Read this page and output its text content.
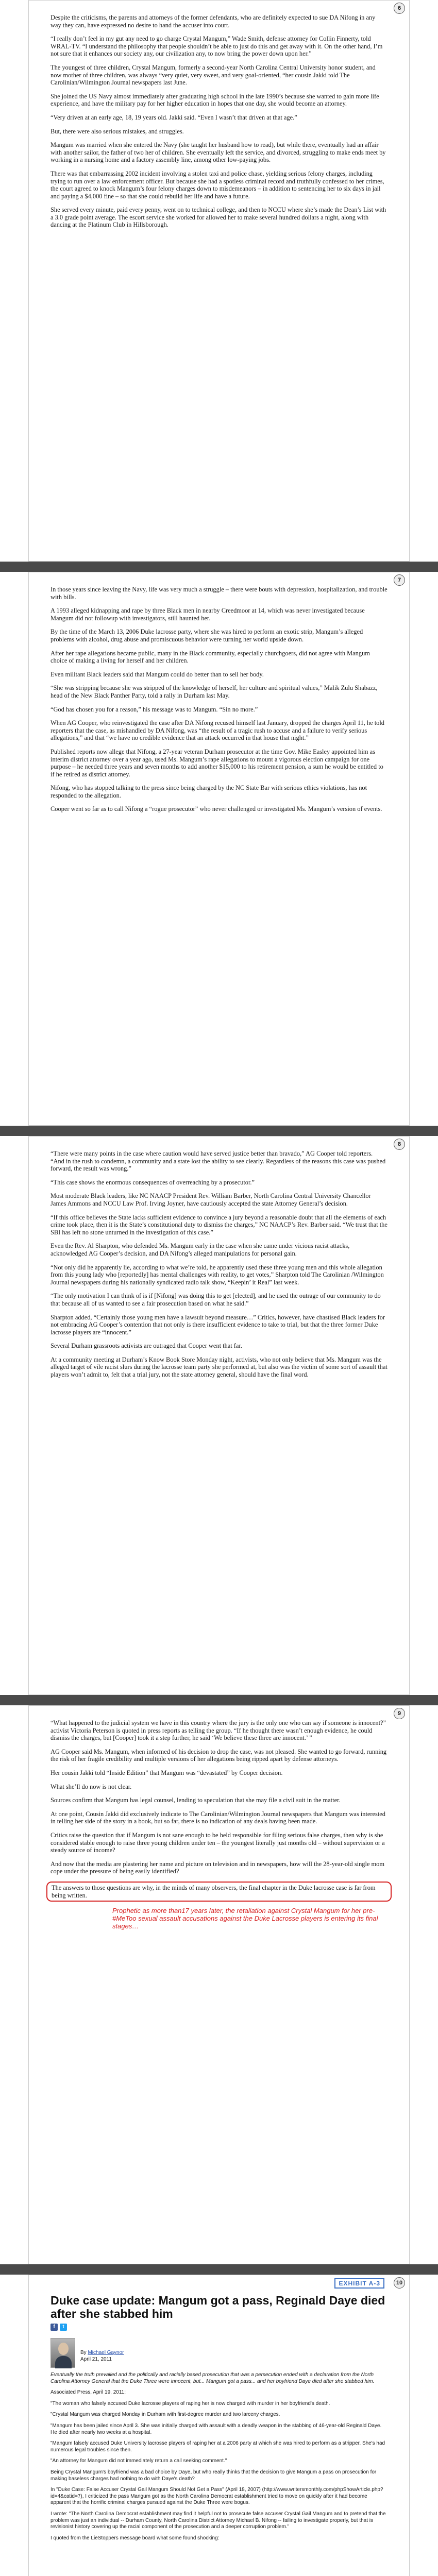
6

Despite the criticisms, the parents and attorneys of the former defendants, who are definitely expected to sue DA Nifong in any way they can, have expressed no desire to hand the accuser into court.

“I really don’t feel in my gut any need to go charge Crystal Mangum,” Wade Smith, defense attorney for Collin Finnerty, told WRAL-TV. “I understand the philosophy that people shouldn’t be able to just do this and get away with it. On the other hand, I’m not sure that it enhances our society any, our civilization any, to now bring the power down upon her.”

The youngest of three children, Crystal Mangum, formerly a second-year North Carolina Central University honor student, and now mother of three children, was always “very quiet, very sweet, and very goal-oriented, “her cousin Jakki told The Carolinian/Wilmington Journal newspapers last June.

She joined the US Navy almost immediately after graduating high school in the late 1990’s because she wanted to gain more life experience, and have the military pay for her higher education in hopes that one day, she would become an attorney.

“Very driven at an early age, 18, 19 years old. Jakki said. “Even I wasn’t that driven at that age.”

But, there were also serious mistakes, and struggles.

Mangum was married when she entered the Navy (she taught her husband how to read), but while there, eventually had an affair with another sailor, the father of two her of children. She eventually left the service, and divorced, struggling to make ends meet by working in a nursing home and a factory assembly line, among other low-paying jobs.

There was that embarrassing 2002 incident involving a stolen taxi and police chase, yielding serious felony charges, including trying to run over a law enforcement officer. But because she had a spotless criminal record and truthfully confessed to her crimes, the court agreed to knock Mangum’s four felony charges down to misdemeanors – in addition to sentencing her to six days in jail and paying a $4,000 fine – so that she could rebuild her life and have a future.

She served every minute, paid every penny, went on to technical college, and then to NCCU where she’s made the Dean’s List with a 3.0 grade point average. The escort service she worked for allowed her to make several hundred dollars a night, along with dancing at the Platinum Club in Hillsborough.

7

In those years since leaving the Navy, life was very much a struggle – there were bouts with depression, hospitalization, and trouble with bills.

A 1993 alleged kidnapping and rape by three Black men in nearby Creedmoor at 14, which was never investigated because Mangum did not followup with investigators, still haunted her.

By the time of the March 13, 2006 Duke lacrosse party, where she was hired to perform an exotic strip, Mangum’s alleged problems with alcohol, drug abuse and promiscuous behavior were turning her world upside down.

After her rape allegations became public, many in the Black community, especially churchgoers, did not agree with Mangum choice of making a living for herself and her children.

Even militant Black leaders said that Mangum could do better than to sell her body.

“She was stripping because she was stripped of the knowledge of herself, her culture and spiritual values,” Malik Zulu Shabazz, head of the New Black Panther Party, told a rally in Durham last May.

“God has chosen you for a reason,” his message was to Mangum. “Sin no more.”

When AG Cooper, who reinvestigated the case after DA Nifong recused himself last January, dropped the charges April 11, he told reporters that the case, as mishandled by DA Nifong, was “the result of a tragic rush to accuse and a failure to verify serious allegations,” and that “we have no credible evidence that an attack occurred in that house that night.”

Published reports now allege that Nifong, a 27-year veteran Durham prosecutor at the time Gov. Mike Easley appointed him as interim district attorney over a year ago, used Ms. Mangum’s rape allegations to mount a vigorous election campaign for one purpose – he needed three years and seven months to add another $15,000 to his retirement pension, a sum he would be entitled to if he retired as district attorney.

Nifong, who has stopped talking to the press since being charged by the NC State Bar with serious ethics violations, has not responded to the allegation.

Cooper went so far as to call Nifong a “rogue prosecutor” who never challenged or investigated Ms. Mangum’s version of events.

8

“There were many points in the case where caution would have served justice better than bravado,” AG Cooper told reporters. “And in the rush to condemn, a community and a state lost the ability to see clearly. Regardless of the reasons this case was pushed forward, the result was wrong.”

“This case shows the enormous consequences of overreaching by a prosecutor.”

Most moderate Black leaders, like NC NAACP President Rev. William Barber, North Carolina Central University Chancellor James Ammons and NCCU Law Prof. Irving Joyner, have cautiously accepted the state Attorney General’s decision.

“If this office believes the State lacks sufficient evidence to convince a jury beyond a reasonable doubt that all the elements of each crime took place, then it is the State’s constitutional duty to dismiss the charges,” NC NAACP’s Rev. Barber said. “We trust that the SBI has left no stone unturned in the investigation of this case.”

Even the Rev. Al Sharpton, who defended Ms. Mangum early in the case when she came under vicious racist attacks, acknowledged AG Cooper’s decision, and DA Nifong’s alleged manipulations for personal gain.

“Not only did he apparently lie, according to what we’re told, he apparently used these three young men and this whole allegation from this young lady who [reportedly] has mental challenges with reality, to get votes,” Sharpton told The Carolinian /Wilmington Journal newspapers during his nationally syndicated radio talk show, “Keepin’ it Real” last week.

“The only motivation I can think of is if [Nifong] was doing this to get [elected], and he used the outrage of our community to do that because all of us wanted to see a fair prosecution based on what he said.”

Sharpton added, “Certainly those young men have a lawsuit beyond measure…” Critics, however, have chastised Black leaders for not embracing AG Cooper’s contention that not only is there insufficient evidence to take to trial, but that the three former Duke lacrosse players are “innocent.”

Several Durham grassroots activists are outraged that Cooper went that far.

At a community meeting at Durham’s Know Book Store Monday night, activists, who not only believe that Ms. Mangum was the alleged target of vile racist slurs during the lacrosse team party she performed at, but also was the victim of some sort of assault that players won’t admit to, felt that a trial jury, not the state attorney general, should have the final word.

9

“What happened to the judicial system we have in this country where the jury is the only one who can say if someone is innocent?” activist Victoria Peterson is quoted in press reports as telling the group. “If he thought there wasn’t enough evidence, he could dismiss the charges, but [Cooper] took it a step further, he said ‘We believe these three are innocent.’ ”

AG Cooper said Ms. Mangum, when informed of his decision to drop the case, was not pleased. She wanted to go forward, running the risk of her fragile credibility and multiple versions of her allegations being ripped apart by defense attorneys.

Her cousin Jakki told “Inside Edition” that Mangum was “devastated” by Cooper decision.

What she’ll do now is not clear.

Sources confirm that Mangum has legal counsel, lending to speculation that she may file a civil suit in the matter.

At one point, Cousin Jakki did exclusively indicate to The Carolinian/Wilmington Journal newspapers that Mangum was interested in telling her side of the story in a book, but so far, there is no indication of any deals having been made.

Critics raise the question that if Mangum is not sane enough to be held responsible for filing serious false charges, then why is she considered stable enough to raise three young children under ten – the youngest literally just months old – without supervision or a steady source of income?

And now that the media are plastering her name and picture on television and in newspapers, how will the 28-year-old single mom cope under the pressure of being easily identified?

The answers to those questions are why, in the minds of many observers, the final chapter in the Duke lacrosse case is far from being written.

Prophetic as more than17 years later, the retaliation against Crystal Mangum for her pre-#MeToo sexual assault accusations against the Duke Lacrosse players is entering its final stages…
10
EXHIBIT A-3
Duke case update: Mangum got a pass, Reginald Daye died after she stabbed him
f	t
By Michael Gaynor
April 21, 2011

Eventually the truth prevailed and the politically and racially based prosecution that was a persecution ended with a declaration from the North Carolina Attorney General that the Duke Three were innocent, but... Mangum got a pass... and her boyfriend Daye died after she stabbed him.

Associated Press, April 19, 2011:

"The woman who falsely accused Duke lacrosse players of raping her is now charged with murder in her boyfriend's death.

"Crystal Mangum was charged Monday in Durham with first-degree murder and two larceny charges.

"Mangum has been jailed since April 3. She was initially charged with assault with a deadly weapon in the stabbing of 46-year-old Reginald Daye. He died after nearly two weeks at a hospital.

"Mangum falsely accused Duke University lacrosse players of raping her at a 2006 party at which she was hired to perform as a stripper. She's had numerous legal troubles since then.

"An attorney for Mangum did not immediately return a call seeking comment."

Being Crystal Mangum's boyfriend was a bad choice by Daye, but who really thinks that the decision to give Mangum a pass on prosecution for making baseless charges had nothing to do with Daye's death?

In "Duke Case: False Accuser Crystal Gail Mangum Should Not Get a Pass" (April 18, 2007) (http://www.writersmonthly.com/phpShowArticle.php?id=4&catid=7), I criticized the pass Mangum got as the North Carolina Democrat establishment tried to move on quickly after it had become apparent that the horrific criminal charges pursued against the Duke Three were bogus.

I wrote: "The North Carolina Democrat establishment may find it helpful not to prosecute false accuser Crystal Gail Mangum and to pretend that the problem was just an individual -- Durham County, North Carolina District Attorney Michael B. Nifong -- failing to investigate properly, but that is revisionist history covering up the racial component of the prosecution and a deeper corruption problem."

I quoted from the LieStoppers message board what some found shocking:
